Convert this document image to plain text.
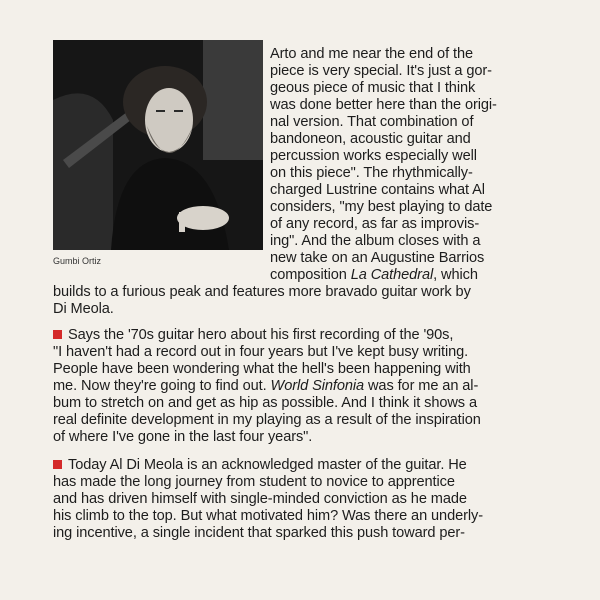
Gumbi Ortiz
Arto and me near the end of the
piece is very special. It's just a gor-
geous piece of music that I think
was done better here than the origi-
nal version. That combination of
bandoneon, acoustic guitar and
percussion works especially well
on this piece". The rhythmically-
charged Lustrine contains what Al
considers, "my best playing to date
of any record, as far as improvis-
ing". And the album closes with a
new take on an Augustine Barrios
composition La Cathedral, which
builds to a furious peak and features more bravado guitar work by
Di Meola.
Says the '70s guitar hero about his first recording of the '90s,
"I haven't had a record out in four years but I've kept busy writing.
People have been wondering what the hell's been happening with
me. Now they're going to find out. World Sinfonia was for me an al-
bum to stretch on and get as hip as possible. And I think it shows a
real definite development in my playing as a result of the inspiration
of where I've gone in the last four years".
Today Al Di Meola is an acknowledged master of the guitar. He
has made the long journey from student to novice to apprentice
and has driven himself with single-minded conviction as he made
his climb to the top. But what motivated him? Was there an underly-
ing incentive, a single incident that sparked this push toward per-
